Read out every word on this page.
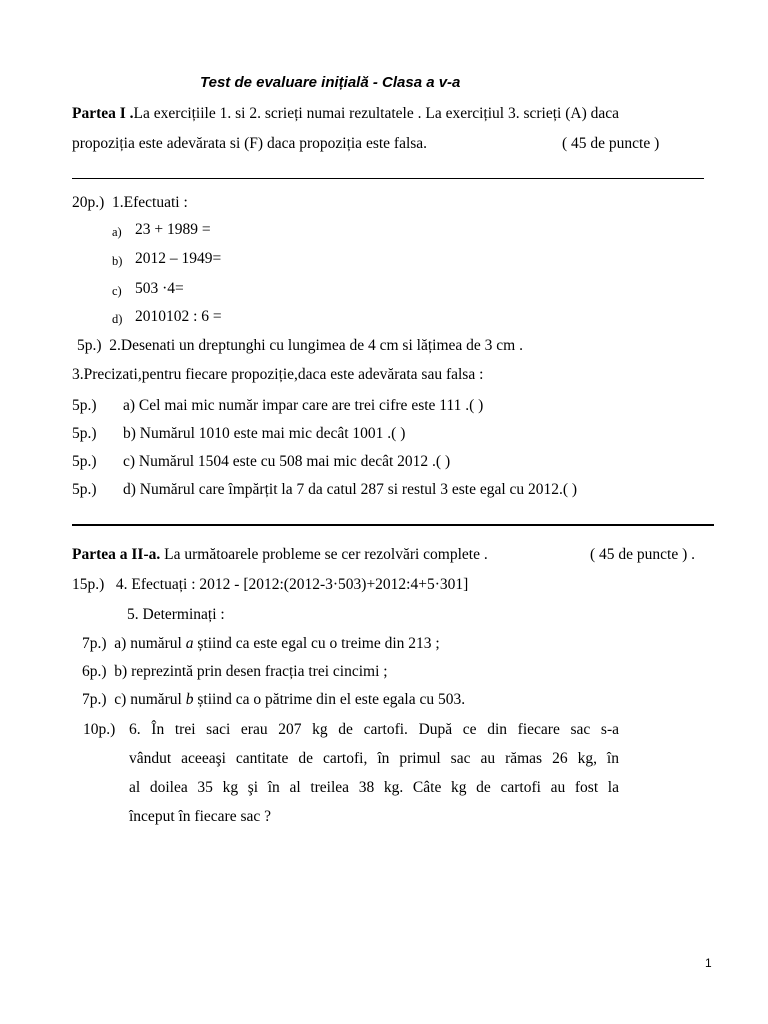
Test de evaluare inițială - Clasa a v-a
Partea I .La exercițiile 1. si 2. scrieți numai rezultatele . La exercițiul 3. scrieți (A) daca
propoziția este adevărata si (F) daca propoziția este falsa.	( 45 de puncte )
20p.) 1.Efectuati :
a) 23 + 1989 =
b) 2012 – 1949=
c) 503 ·4=
d) 2010102 : 6 =
5p.) 2.Desenati un dreptunghi cu lungimea de 4 cm si lățimea de 3 cm .
3.Precizati,pentru fiecare propoziție,daca este adevărata sau falsa :
5p.) a) Cel mai mic număr impar care are trei cifre este 111 .( )
5p.) b) Numărul 1010 este mai mic decât 1001 .( )
5p.) c) Numărul 1504 este cu 508 mai mic decât 2012 .( )
5p.) d) Numărul care împărțit la 7 da catul 287 si restul 3 este egal cu 2012.( )
Partea a II-a. La următoarele probleme se cer rezolvări complete .	( 45 de puncte ) .
15p.) 4. Efectuați : 2012 - [2012:(2012-3·503)+2012:4+5·301]
5. Determinați :
7p.) a) numărul a știind ca este egal cu o treime din 213 ;
6p.) b) reprezintă prin desen fracția trei cincimi ;
7p.) c) numărul b știind ca o pătrime din el este egala cu 503.
10p.) 6. În trei saci erau 207 kg de cartofi. După ce din fiecare sac s-a
vândut aceeaşi cantitate de cartofi, în primul sac au rămas 26 kg, în
al doilea 35 kg şi în al treilea 38 kg. Câte kg de cartofi au fost la
început în fiecare sac ?
1
